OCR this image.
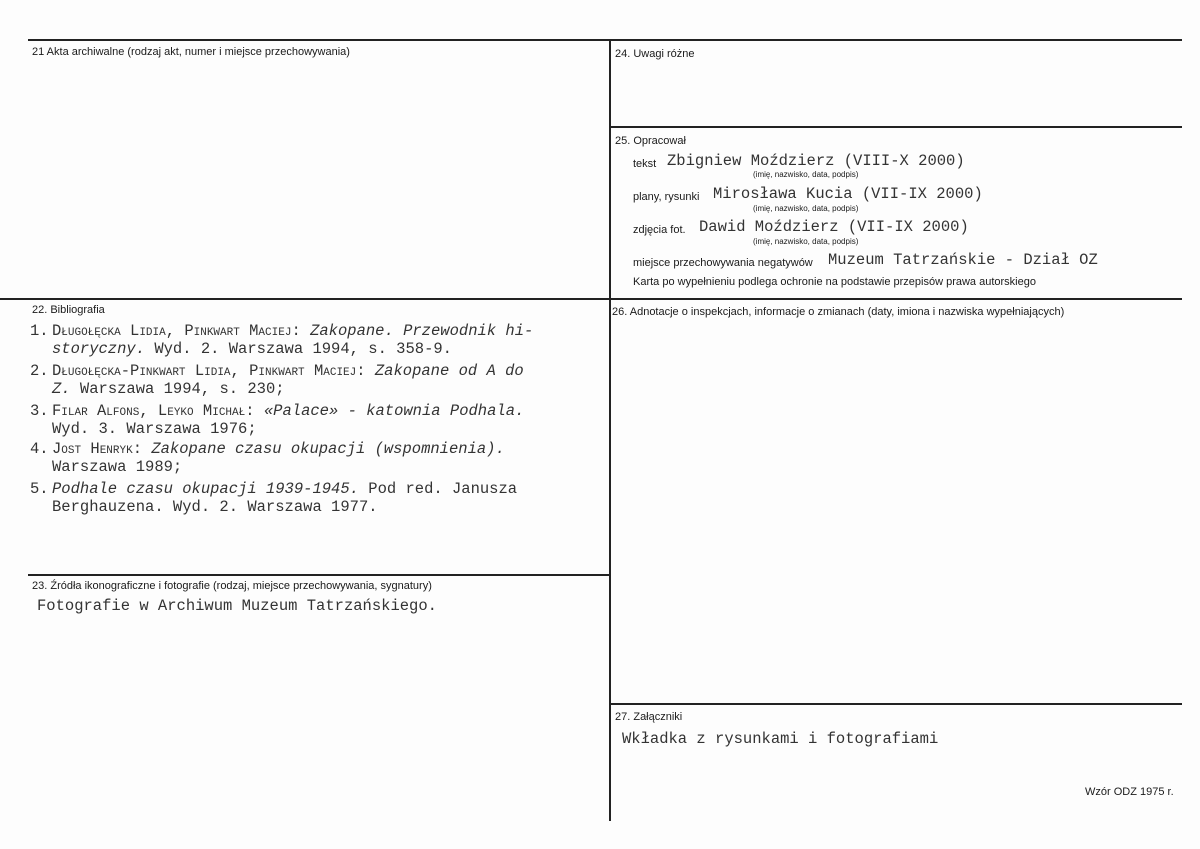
21 Akta archiwalne (rodzaj akt, numer i miejsce przechowywania)
22. Bibliografia
1. Długołęcka Lidia, Pinkwart Maciej: Zakopane. Przewodnik hi-
storyczny. Wyd. 2. Warszawa 1994, s. 358-9.
2. Długołęcka-Pinkwart Lidia, Pinkwart Maciej: Zakopane od A do
Z. Warszawa 1994, s. 230;
3. Filar Alfons, Leyko Michał: «Palace» - katownia Podhala.
Wyd. 3. Warszawa 1976;
4. Jost Henryk: Zakopane czasu okupacji (wspomnienia).
Warszawa 1989;
5. Podhale czasu okupacji 1939-1945. Pod red. Janusza
Berghauzena. Wyd. 2. Warszawa 1977.
23. Źródła ikonograficzne i fotografie (rodzaj, miejsce przechowywania, sygnatury)
Fotografie w Archiwum Muzeum Tatrzańskiego.
24. Uwagi różne
25. Opracował
tekst Zbigniew Moździerz (VIII-X 2000)
(imię, nazwisko, data, podpis)
plany, rysunki Mirosława Kucia (VII-IX 2000)
(imię, nazwisko, data, podpis)
zdjęcia fot. Dawid Moździerz (VII-IX 2000)
(imię, nazwisko, data, podpis)
miejsce przechowywania negatywów Muzeum Tatrzańskie - Dział OZ
Karta po wypełnieniu podlega ochronie na podstawie przepisów prawa autorskiego
26. Adnotacje o inspekcjach, informacje o zmianach (daty, imiona i nazwiska wypełniających)
27. Załączniki
Wkładka z rysunkami i fotografiami
Wzór ODZ 1975 r.
